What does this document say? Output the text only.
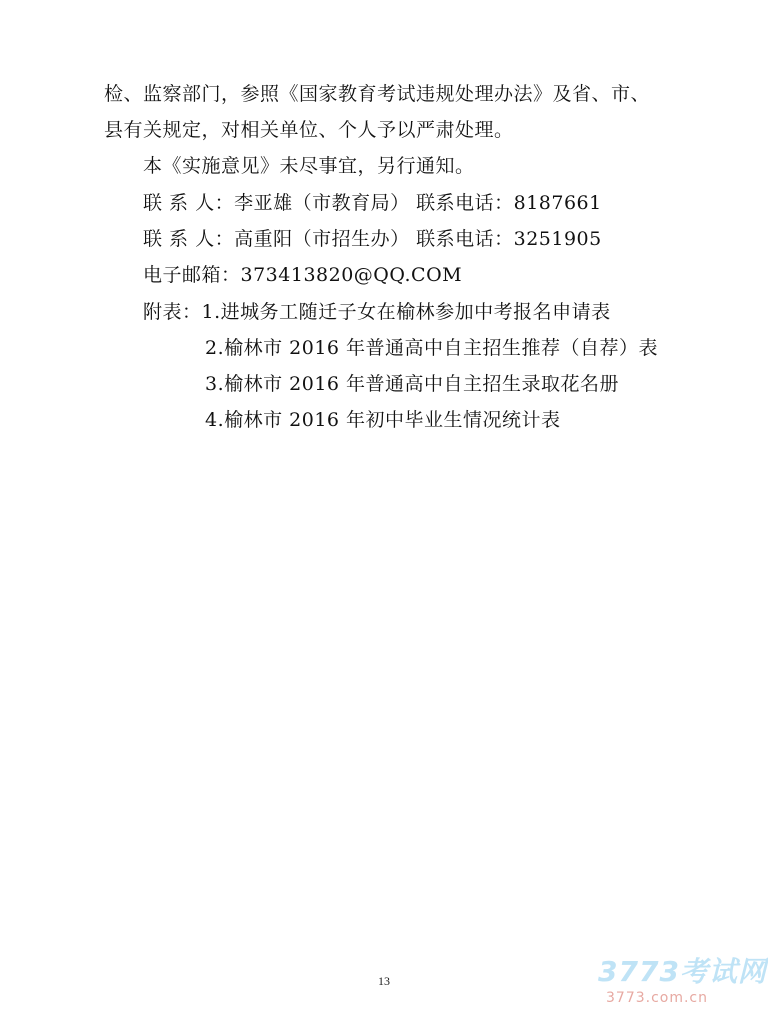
检、监察部门，参照《国家教育考试违规处理办法》及省、市、
县有关规定，对相关单位、个人予以严肃处理。
本《实施意见》未尽事宜，另行通知。
联 系 人：李亚雄（市教育局） 联系电话：8187661
联 系 人：高重阳（市招生办） 联系电话：3251905
电子邮箱：373413820@QQ.COM
附表：1.进城务工随迁子女在榆林参加中考报名申请表
2.榆林市 2016 年普通高中自主招生推荐（自荐）表
3.榆林市 2016 年普通高中自主招生录取花名册
4.榆林市 2016 年初中毕业生情况统计表
13	3773考试网
3773.com.cn
